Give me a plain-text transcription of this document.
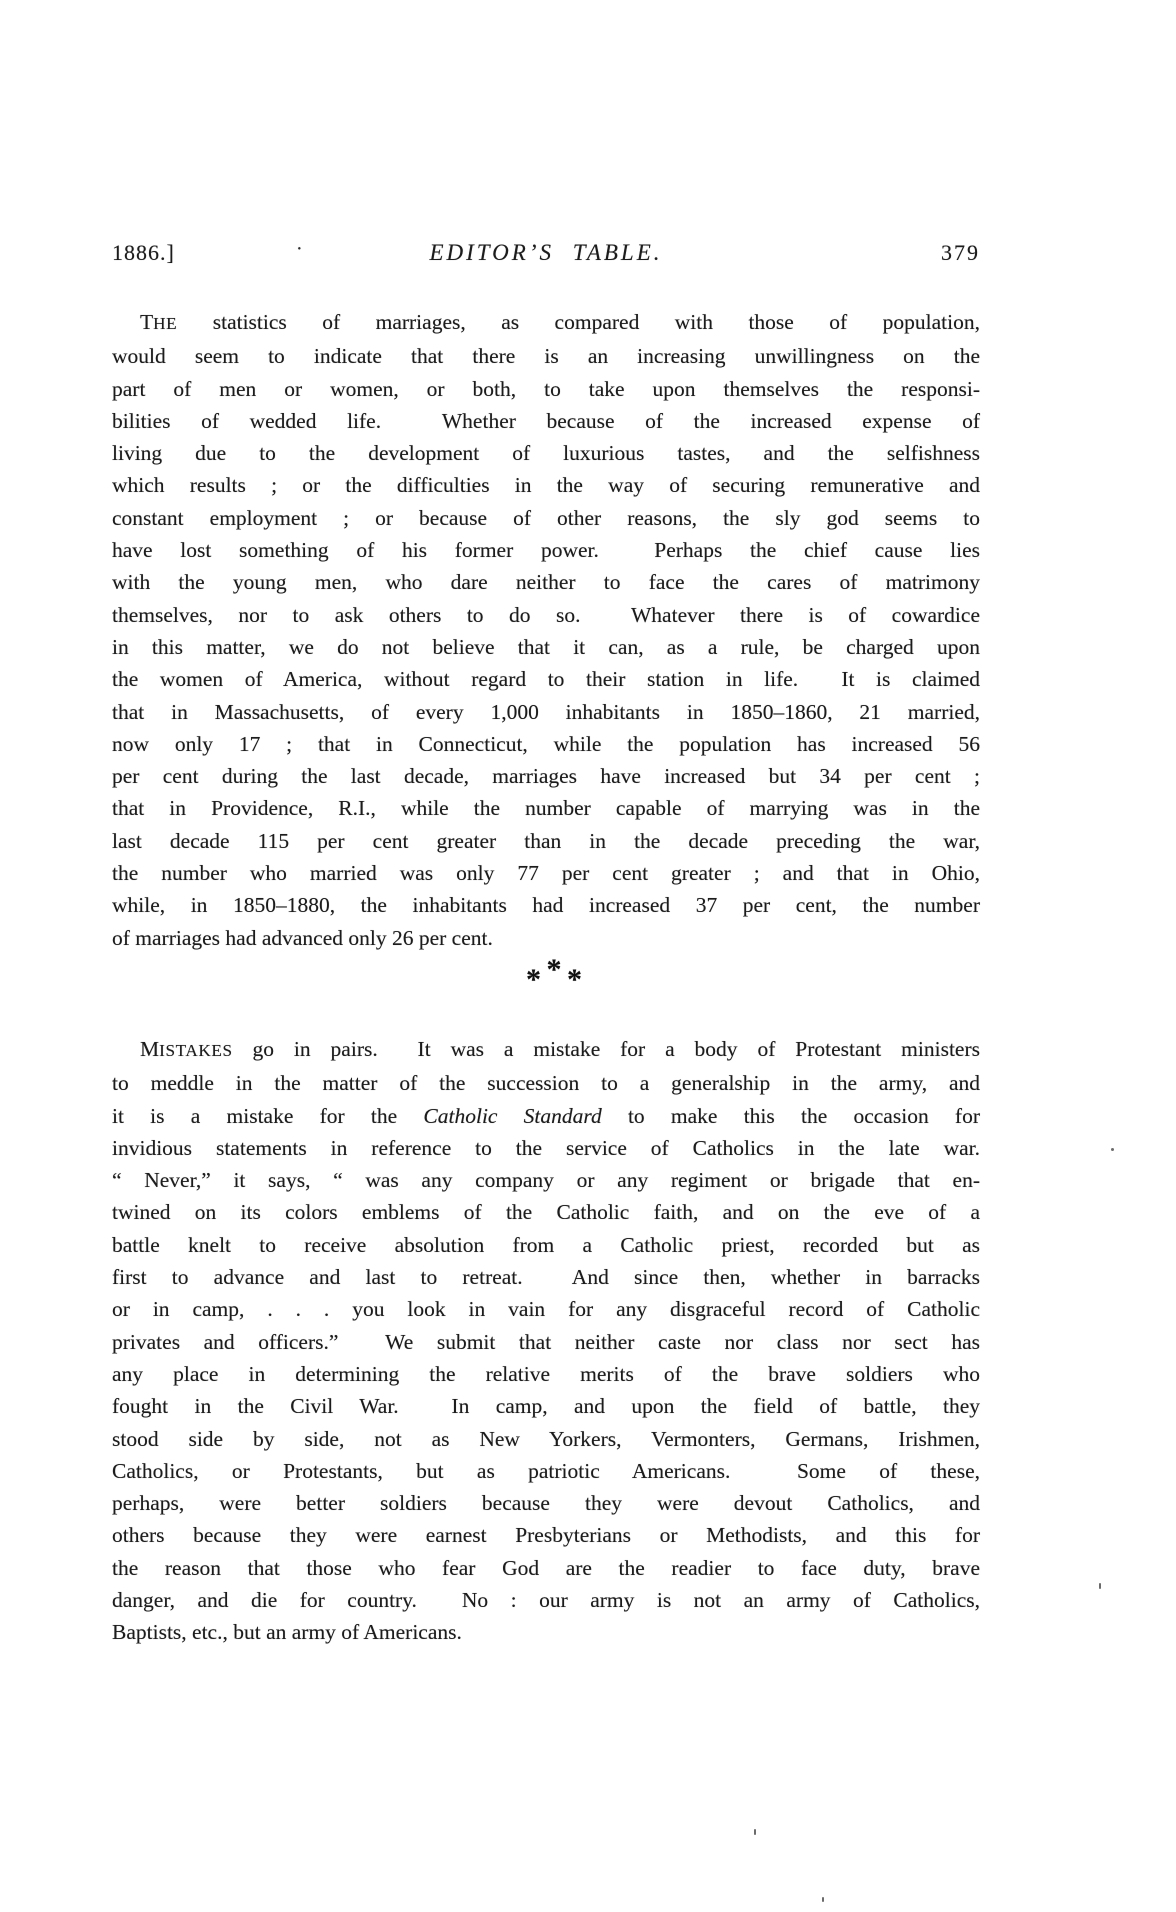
1886.]	EDITOR’S TABLE.	379
·
THE statistics of marriages, as compared with those of population,
would seem to indicate that there is an increasing unwillingness on the
part of men or women, or both, to take upon themselves the responsi-
bilities of wedded life.  Whether because of the increased expense of
living due to the development of luxurious tastes, and the selfishness
which results ; or the difficulties in the way of securing remunerative and
constant employment ; or because of other reasons, the sly god seems to
have lost something of his former power.  Perhaps the chief cause lies
with the young men, who dare neither to face the cares of matrimony
themselves, nor to ask others to do so.  Whatever there is of cowardice
in this matter, we do not believe that it can, as a rule, be charged upon
the women of America, without regard to their station in life.  It is claimed
that in Massachusetts, of every 1,000 inhabitants in 1850–1860, 21 married,
now only 17 ; that in Connecticut, while the population has increased 56
per cent during the last decade, marriages have increased but 34 per cent ;
that in Providence, R.I., while the number capable of marrying was in the
last decade 115 per cent greater than in the decade preceding the war,
the number who married was only 77 per cent greater ; and that in Ohio,
while, in 1850–1880, the inhabitants had increased 37 per cent, the number
of marriages had advanced only 26 per cent.
*
* *
MISTAKES go in pairs.  It was a mistake for a body of Protestant ministers
to meddle in the matter of the succession to a generalship in the army, and
it is a mistake for the Catholic Standard to make this the occasion for
invidious statements in reference to the service of Catholics in the late war.
“ Never,” it says, “ was any company or any regiment or brigade that en-
twined on its colors emblems of the Catholic faith, and on the eve of a
battle knelt to receive absolution from a Catholic priest, recorded but as
first to advance and last to retreat.  And since then, whether in barracks
or in camp, . . . you look in vain for any disgraceful record of Catholic
privates and officers.”  We submit that neither caste nor class nor sect has
any place in determining the relative merits of the brave soldiers who
fought in the Civil War.  In camp, and upon the field of battle, they
stood side by side, not as New Yorkers, Vermonters, Germans, Irishmen,
Catholics, or Protestants, but as patriotic Americans.  Some of these,
perhaps, were better soldiers because they were devout Catholics, and
others because they were earnest Presbyterians or Methodists, and this for
the reason that those who fear God are the readier to face duty, brave
danger, and die for country.  No : our army is not an army of Catholics,
Baptists, etc., but an army of Americans.
